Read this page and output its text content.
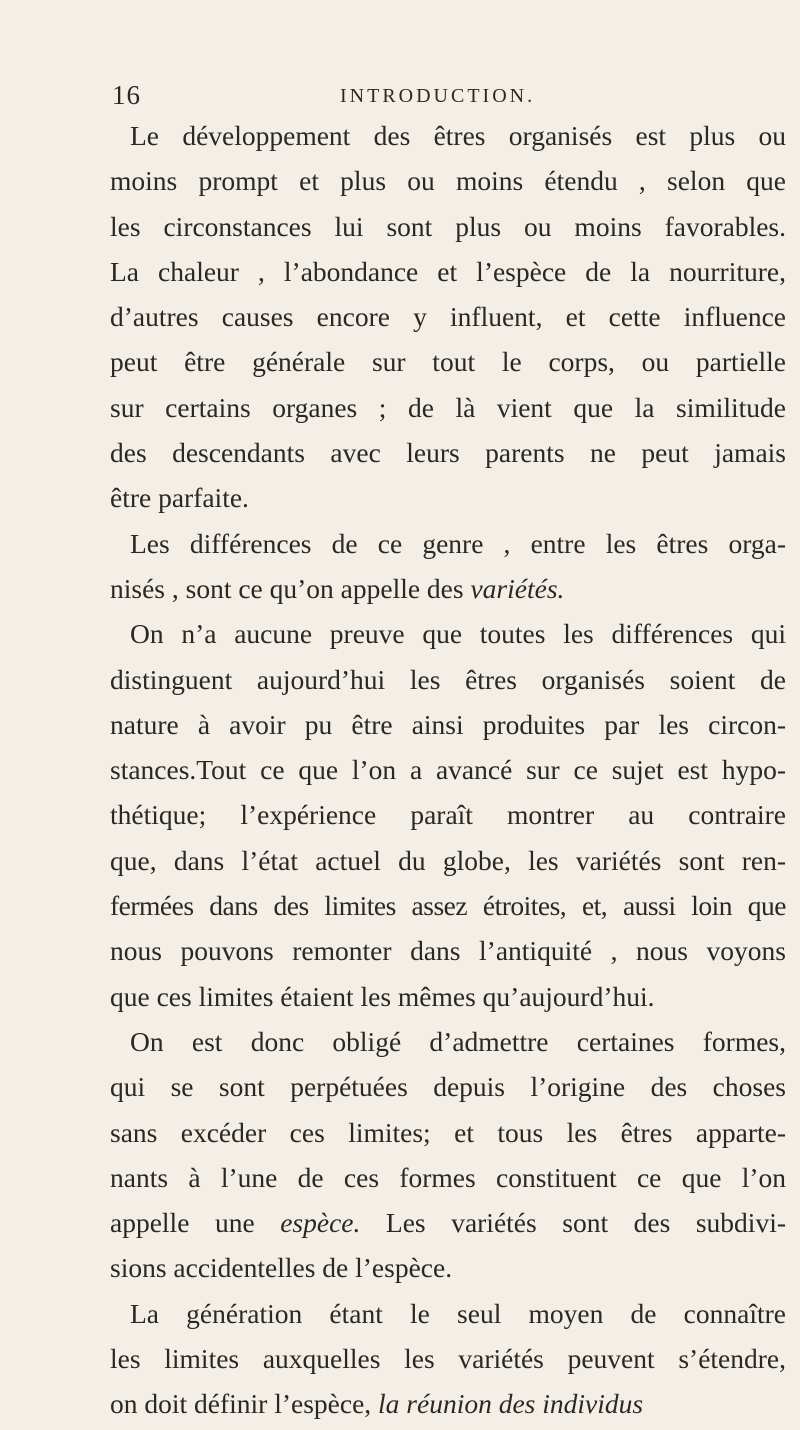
16	INTRODUCTION.
Le développement des êtres organisés est plus ou
moins prompt et plus ou moins étendu , selon que
les circonstances lui sont plus ou moins favorables.
La chaleur , l’abondance et l’espèce de la nourriture,
d’autres causes encore y influent, et cette influence
peut être générale sur tout le corps, ou partielle
sur certains organes ; de là vient que la similitude
des descendants avec leurs parents ne peut jamais
être parfaite.
Les différences de ce genre , entre les êtres orga-
nisés , sont ce qu’on appelle des variétés.
On n’a aucune preuve que toutes les différences qui
distinguent aujourd’hui les êtres organisés soient de
nature à avoir pu être ainsi produites par les circon-
stances.Tout ce que l’on a avancé sur ce sujet est hypo-
thétique; l’expérience paraît montrer au contraire
que, dans l’état actuel du globe, les variétés sont ren-
fermées dans des limites assez étroites, et, aussi loin que
nous pouvons remonter dans l’antiquité , nous voyons
que ces limites étaient les mêmes qu’aujourd’hui.
On est donc obligé d’admettre certaines formes,
qui se sont perpétuées depuis l’origine des choses
sans excéder ces limites; et tous les êtres apparte-
nants à l’une de ces formes constituent ce que l’on
appelle une espèce. Les variétés sont des subdivi-
sions accidentelles de l’espèce.
La génération étant le seul moyen de connaître
les limites auxquelles les variétés peuvent s’étendre,
on doit définir l’espèce, la réunion des individus
